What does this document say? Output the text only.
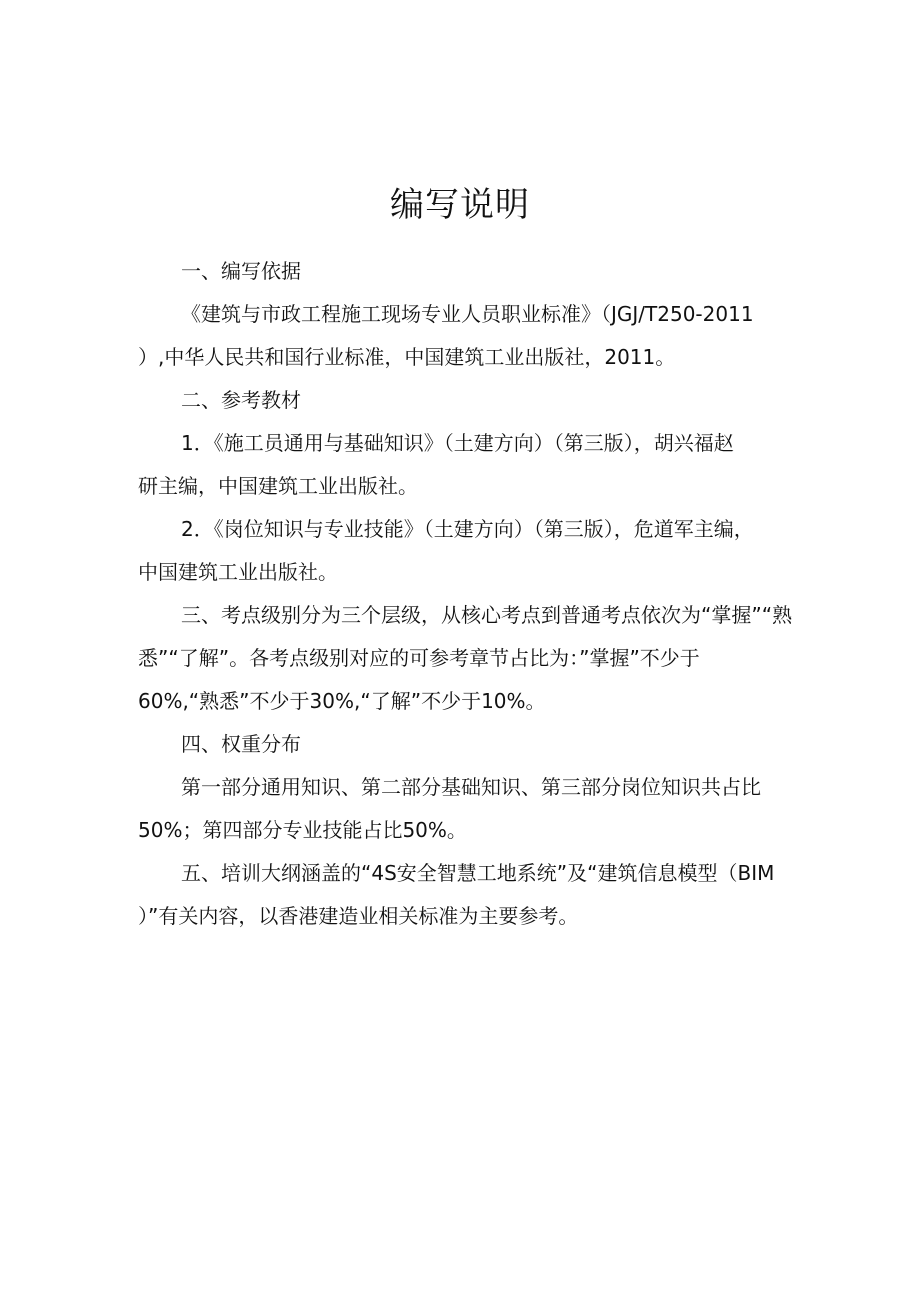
编写说明
一、编写依据
《建筑与市政工程施工现场专业人员职业标准》（JGJ/T250-2011
）,中华人民共和国行业标准，中国建筑工业出版社，2011。
二、参考教材
1．《施工员通用与基础知识》（土建方向）（第三版），胡兴福赵
研主编，中国建筑工业出版社。
2．《岗位知识与专业技能》（土建方向）（第三版），危道军主编，
中国建筑工业出版社。
三、考点级别分为三个层级，从核心考点到普通考点依次为“掌握”“熟
悉”“了解”。各考点级别对应的可参考章节占比为：”掌握”不少于
60%,“熟悉”不少于30%,“了解”不少于10%。
四、权重分布
第一部分通用知识、第二部分基础知识、第三部分岗位知识共占比
50%；第四部分专业技能占比50%。
五、培训大纲涵盖的“4S安全智慧工地系统”及“建筑信息模型（BIM
）”有关内容，以香港建造业相关标准为主要参考。
